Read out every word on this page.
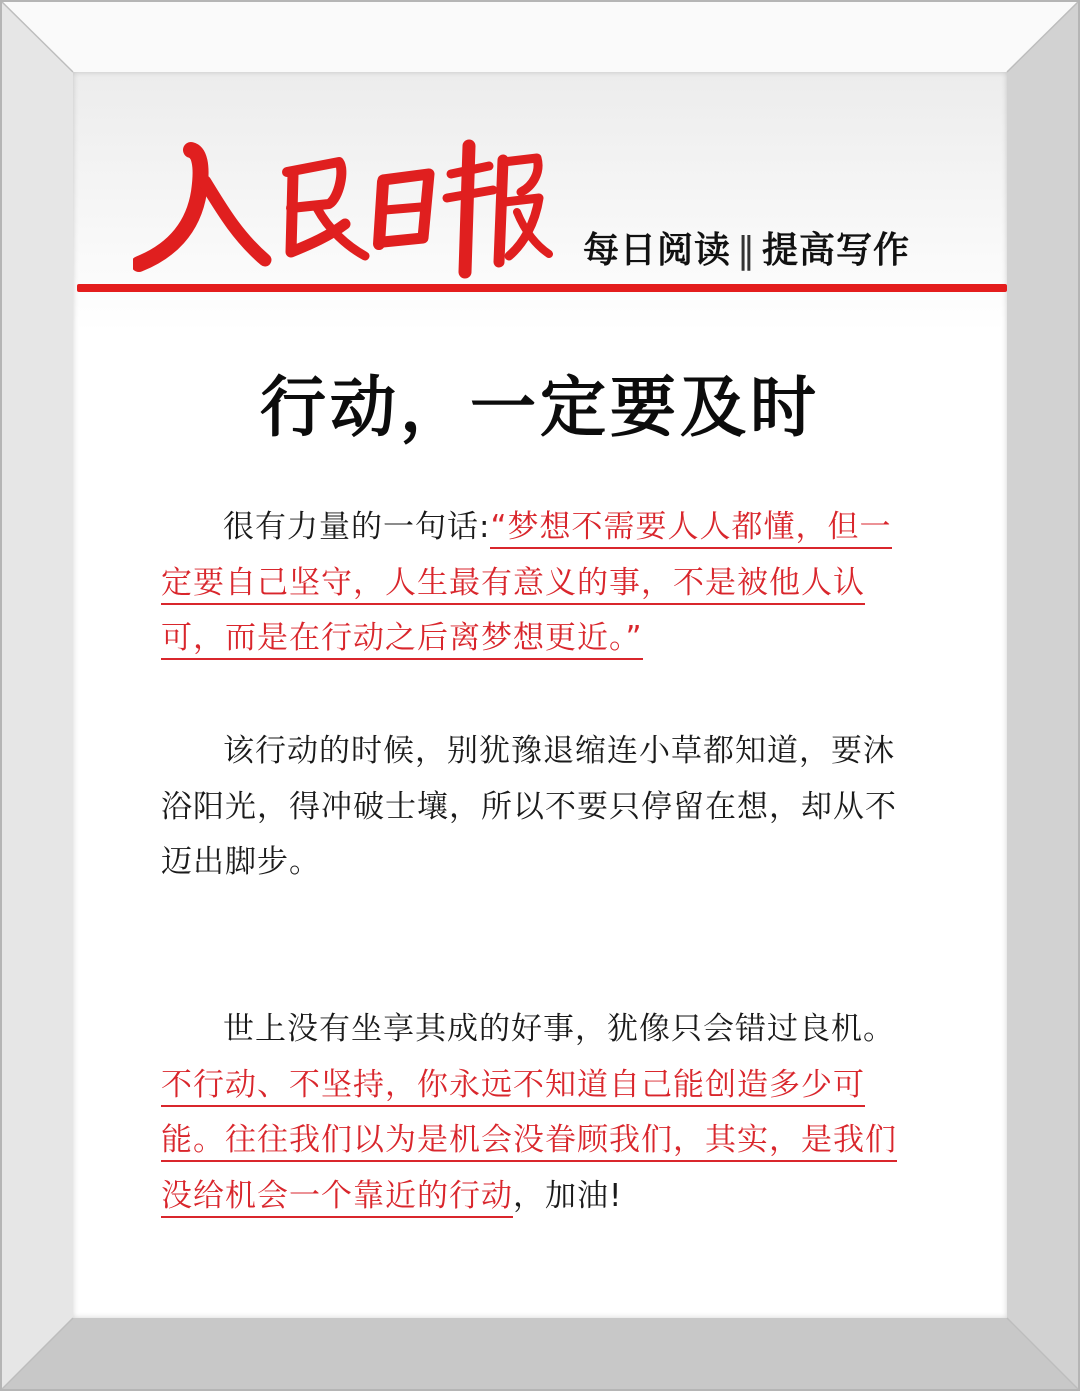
每日阅读 ‖ 提高写作
行动，一定要及时
很有力量的一句话:“梦想不需要人人都懂，但一定要自己坚守，人生最有意义的事，不是被他人认可，而是在行动之后离梦想更近。”
该行动的时候，别犹豫退缩连小草都知道，要沐浴阳光，得冲破士壤，所以不要只停留在想，却从不迈出脚步。
世上没有坐享其成的好事，犹像只会错过良机。不行动、不坚持，你永远不知道自己能创造多少可能。往往我们以为是机会没眷顾我们，其实，是我们没给机会一个靠近的行动，加油!
